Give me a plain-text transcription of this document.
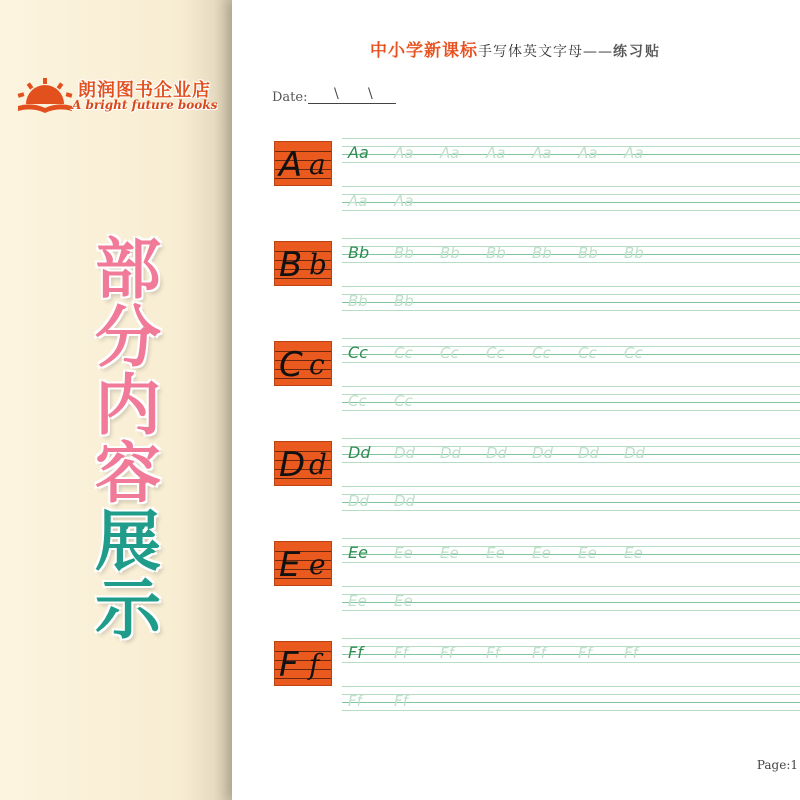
朗润图书企业店
A bright future books
部
分
内
容
展
示
中小学新课标手写体英文字母——练习贴
Date: \ \
A a Aa Aa Aa Aa Aa Aa Aa
Aa Aa
B b Bb Bb Bb Bb Bb Bb Bb
Bb Bb
C c Cc Cc Cc Cc Cc Cc Cc
Cc Cc
D d Dd Dd Dd Dd Dd Dd Dd
Dd Dd
E e Ee Ee Ee Ee Ee Ee Ee
Ee Ee
F f Ff Ff Ff Ff Ff Ff Ff
Ff Ff
Page:1
